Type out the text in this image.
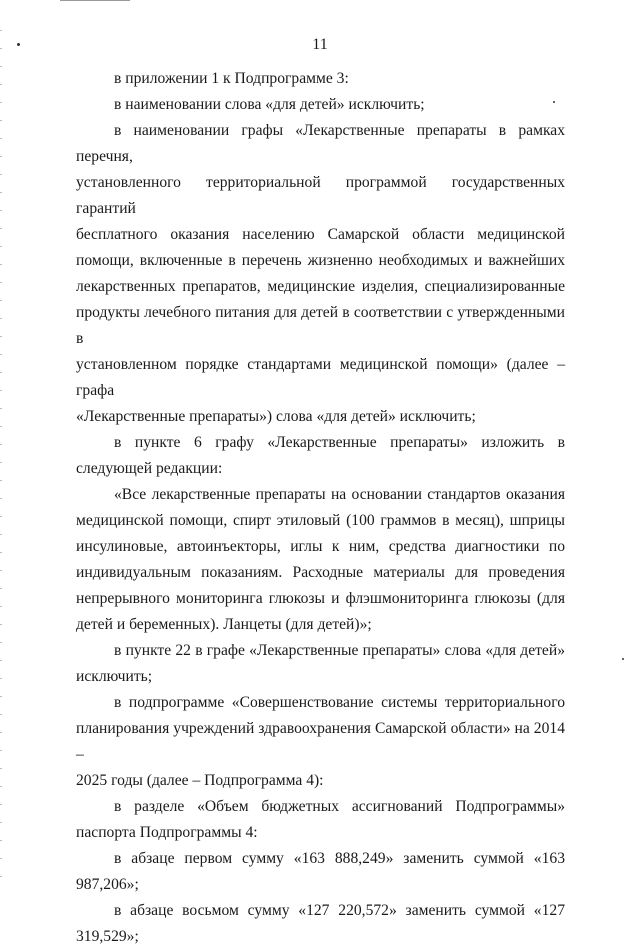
11

в приложении 1 к Подпрограмме 3:

в наименовании слова «для детей» исключить;

в наименовании графы «Лекарственные препараты в рамках перечня,
установленного территориальной программой государственных гарантий
бесплатного оказания населению Самарской области медицинской
помощи, включенные в перечень жизненно необходимых и важнейших
лекарственных препаратов, медицинские изделия, специализированные
продукты лечебного питания для детей в соответствии с утвержденными в
установленном порядке стандартами медицинской помощи» (далее – графа
«Лекарственные препараты») слова «для детей» исключить;
в пункте 6 графу «Лекарственные препараты» изложить в
следующей редакции:
«Все лекарственные препараты на основании стандартов оказания
медицинской помощи, спирт этиловый (100 граммов в месяц), шприцы
инсулиновые, автоинъекторы, иглы к ним, средства диагностики по
индивидуальным показаниям. Расходные материалы для проведения
непрерывного мониторинга глюкозы и флэшмониторинга глюкозы (для
детей и беременных). Ланцеты (для детей)»;
в пункте 22 в графе «Лекарственные препараты» слова «для детей»
исключить;
в подпрограмме «Совершенствование системы территориального
планирования учреждений здравоохранения Самарской области» на 2014 –
2025 годы (далее – Подпрограмма 4):
в разделе «Объем бюджетных ассигнований Подпрограммы»
паспорта Подпрограммы 4:
в абзаце первом сумму «163 888,249» заменить суммой «163 987,206»;
в абзаце восьмом сумму «127 220,572» заменить суммой «127 319,529»;
